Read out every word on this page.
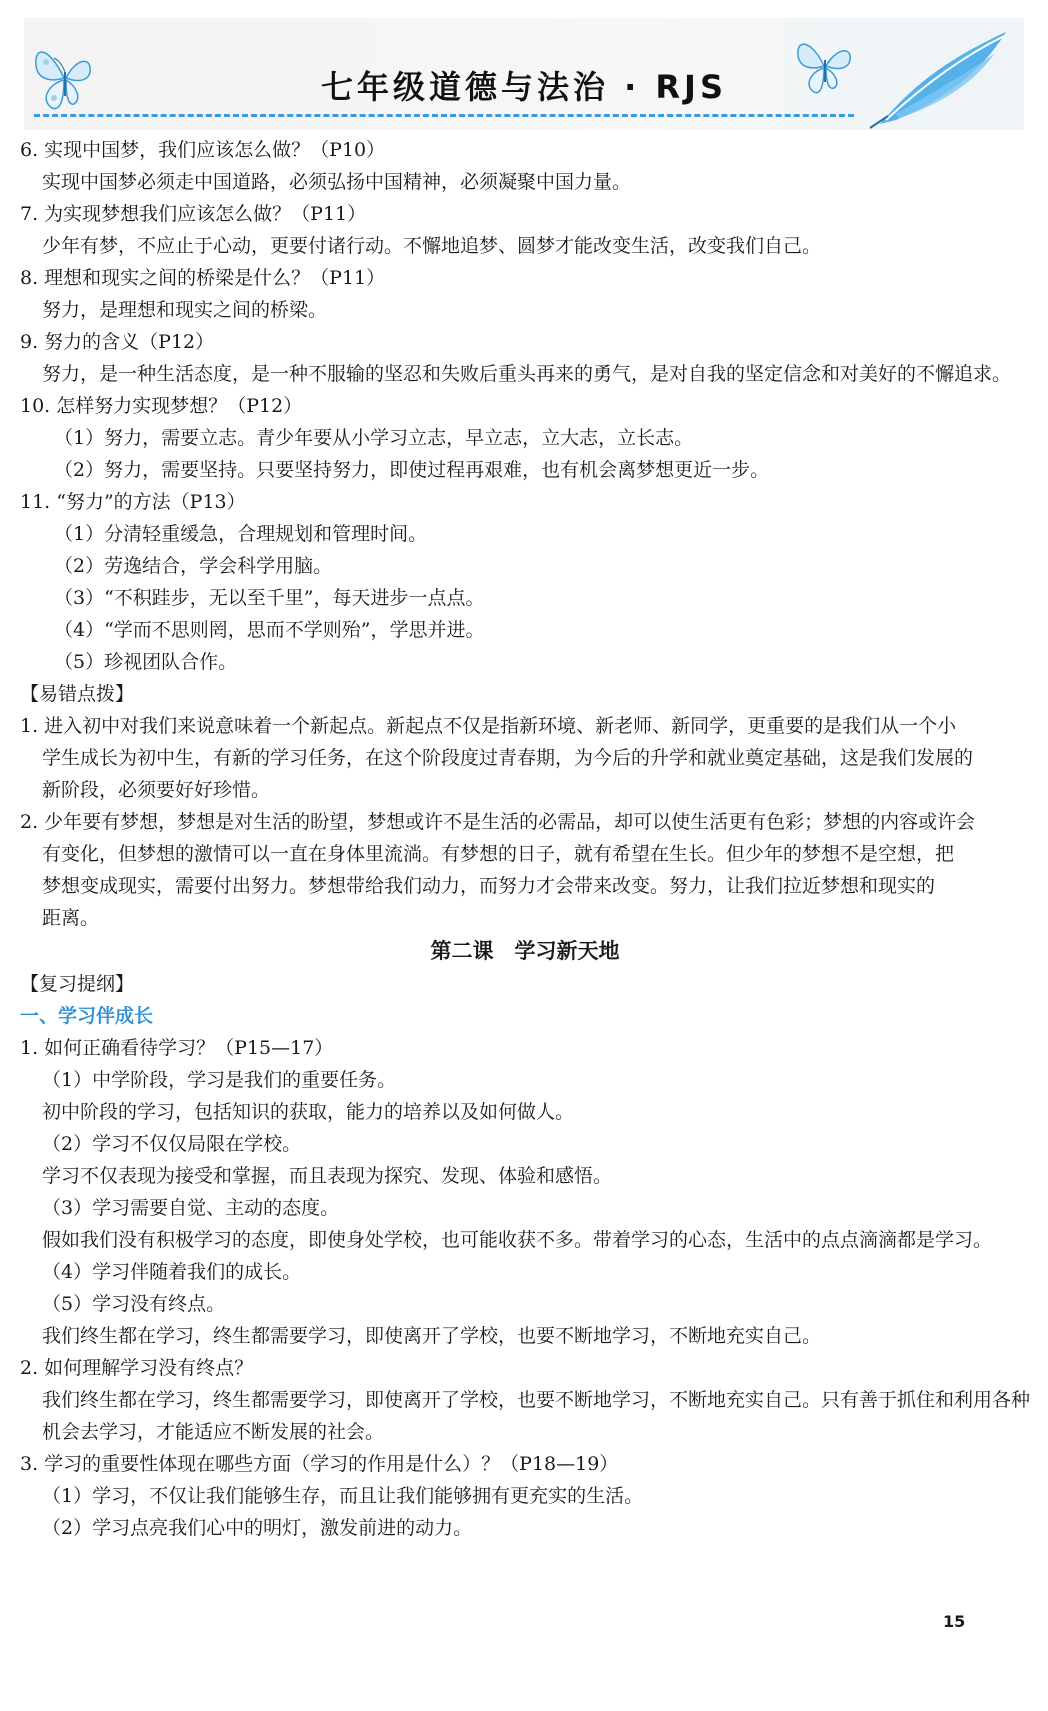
七年级道德与法治 · RJS

6. 实现中国梦，我们应该怎么做？（P10）

实现中国梦必须走中国道路，必须弘扬中国精神，必须凝聚中国力量。

7. 为实现梦想我们应该怎么做？（P11）

少年有梦，不应止于心动，更要付诸行动。不懈地追梦、圆梦才能改变生活，改变我们自己。

8. 理想和现实之间的桥梁是什么？（P11）

努力，是理想和现实之间的桥梁。

9. 努力的含义（P12）

努力，是一种生活态度，是一种不服输的坚忍和失败后重头再来的勇气，是对自我的坚定信念和对美好的不懈追求。

10. 怎样努力实现梦想？（P12）

（1）努力，需要立志。青少年要从小学习立志，早立志，立大志，立长志。

（2）努力，需要坚持。只要坚持努力，即使过程再艰难，也有机会离梦想更近一步。

11. “努力”的方法（P13）

（1）分清轻重缓急，合理规划和管理时间。

（2）劳逸结合，学会科学用脑。

（3）“不积跬步，无以至千里”，每天进步一点点。

（4）“学而不思则罔，思而不学则殆”，学思并进。

（5）珍视团队合作。

【易错点拨】

1. 进入初中对我们来说意味着一个新起点。新起点不仅是指新环境、新老师、新同学，更重要的是我们从一个小

学生成长为初中生，有新的学习任务，在这个阶段度过青春期，为今后的升学和就业奠定基础，这是我们发展的

新阶段，必须要好好珍惜。

2. 少年要有梦想，梦想是对生活的盼望，梦想或许不是生活的必需品，却可以使生活更有色彩；梦想的内容或许会

有变化，但梦想的激情可以一直在身体里流淌。有梦想的日子，就有希望在生长。但少年的梦想不是空想，把

梦想变成现实，需要付出努力。梦想带给我们动力，而努力才会带来改变。努力，让我们拉近梦想和现实的

距离。

第二课　学习新天地

【复习提纲】

一、学习伴成长

1. 如何正确看待学习？（P15—17）

（1）中学阶段，学习是我们的重要任务。

初中阶段的学习，包括知识的获取，能力的培养以及如何做人。

（2）学习不仅仅局限在学校。

学习不仅表现为接受和掌握，而且表现为探究、发现、体验和感悟。

（3）学习需要自觉、主动的态度。

假如我们没有积极学习的态度，即使身处学校，也可能收获不多。带着学习的心态，生活中的点点滴滴都是学习。

（4）学习伴随着我们的成长。

（5）学习没有终点。

我们终生都在学习，终生都需要学习，即使离开了学校，也要不断地学习，不断地充实自己。

2. 如何理解学习没有终点？

我们终生都在学习，终生都需要学习，即使离开了学校，也要不断地学习，不断地充实自己。只有善于抓住和利用各种机会去学习，才能适应不断发展的社会。

3. 学习的重要性体现在哪些方面（学习的作用是什么）？（P18—19）

（1）学习，不仅让我们能够生存，而且让我们能够拥有更充实的生活。

（2）学习点亮我们心中的明灯，激发前进的动力。

15
